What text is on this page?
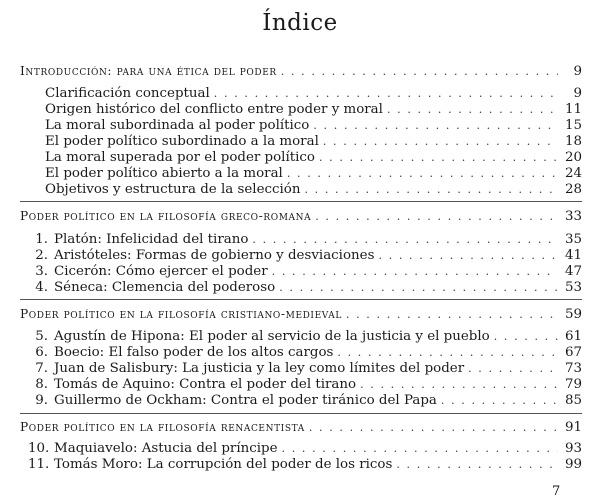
Índice
Introducción: para una ética del poder . . .	9
Clarificación conceptual . . .	9
Origen histórico del conflicto entre poder y moral . . .	11
La moral subordinada al poder político . . .	15
El poder político subordinado a la moral . . .	18
La moral superada por el poder político . . .	20
El poder político abierto a la moral . . .	24
Objetivos y estructura de la selección . . .	28
Poder político en la filosofía greco-romana . . .	33
1. Platón: Infelicidad del tirano . . .	35
2. Aristóteles: Formas de gobierno y desviaciones . . .	41
3. Cicerón: Cómo ejercer el poder . . .	47
4. Séneca: Clemencia del poderoso . . .	53
Poder político en la filosofía cristiano-medieval . . .	59
5. Agustín de Hipona: El poder al servicio de la justicia y el pueblo . . .	61
6. Boecio: El falso poder de los altos cargos . . .	67
7. Juan de Salisbury: La justicia y la ley como límites del poder . . .	73
8. Tomás de Aquino: Contra el poder del tirano . . .	79
9. Guillermo de Ockham: Contra el poder tiránico del Papa . . .	85
Poder político en la filosofía renacentista . . .	91
10. Maquiavelo: Astucia del príncipe . . .	93
11. Tomás Moro: La corrupción del poder de los ricos . . .	99
7
